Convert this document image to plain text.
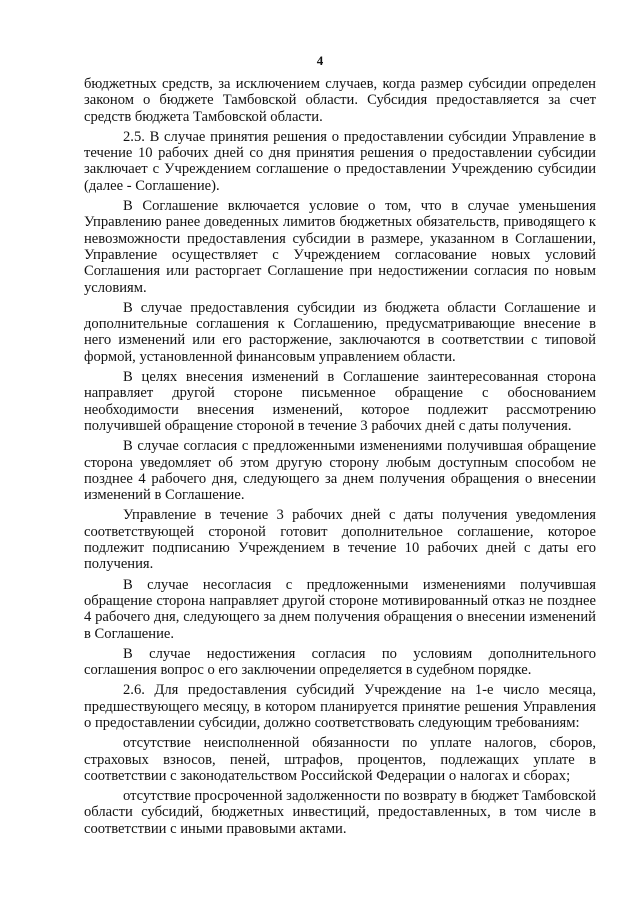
4

бюджетных средств, за исключением случаев, когда размер субсидии определен законом о бюджете Тамбовской области. Субсидия предоставляется за счет средств бюджета Тамбовской области.

2.5. В случае принятия решения о предоставлении субсидии Управление в течение 10 рабочих дней со дня принятия решения о предоставлении субсидии заключает с Учреждением соглашение о предоставлении Учреждению субсидии (далее - Соглашение).

В Соглашение включается условие о том, что в случае уменьшения Управлению ранее доведенных лимитов бюджетных обязательств, приводящего к невозможности предоставления субсидии в размере, указанном в Соглашении, Управление осуществляет с Учреждением согласование новых условий Соглашения или расторгает Соглашение при недостижении согласия по новым условиям.

В случае предоставления субсидии из бюджета области Соглашение и дополнительные соглашения к Соглашению, предусматривающие внесение в него изменений или его расторжение, заключаются в соответствии с типовой формой, установленной финансовым управлением области.

В целях внесения изменений в Соглашение заинтересованная сторона направляет другой стороне письменное обращение с обоснованием необходимости внесения изменений, которое подлежит рассмотрению получившей обращение стороной в течение 3 рабочих дней с даты получения.

В случае согласия с предложенными изменениями получившая обращение сторона уведомляет об этом другую сторону любым доступным способом не позднее 4 рабочего дня, следующего за днем получения обращения о внесении изменений в Соглашение.

Управление в течение 3 рабочих дней с даты получения уведомления соответствующей стороной готовит дополнительное соглашение, которое подлежит подписанию Учреждением в течение 10 рабочих дней с даты его получения.

В случае несогласия с предложенными изменениями получившая обращение сторона направляет другой стороне мотивированный отказ не позднее 4 рабочего дня, следующего за днем получения обращения о внесении изменений в Соглашение.

В случае недостижения согласия по условиям дополнительного соглашения вопрос о его заключении определяется в судебном порядке.

2.6. Для предоставления субсидий Учреждение на 1-е число месяца, предшествующего месяцу, в котором планируется принятие решения Управления о предоставлении субсидии, должно соответствовать следующим требованиям:

отсутствие неисполненной обязанности по уплате налогов, сборов, страховых взносов, пеней, штрафов, процентов, подлежащих уплате в соответствии с законодательством Российской Федерации о налогах и сборах;

отсутствие просроченной задолженности по возврату в бюджет Тамбовской области субсидий, бюджетных инвестиций, предоставленных, в том числе в соответствии с иными правовыми актами.
